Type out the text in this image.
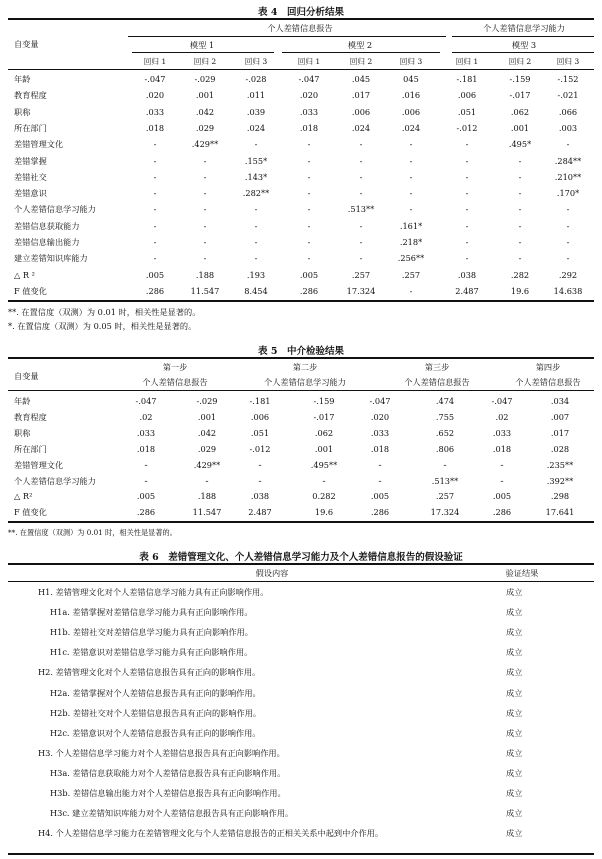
表 4　回归分析结果
自变量
个人差错信息报告	个人差错信息学习能力
模型 1	模型 2	模型 3
回归 1	回归 2	回归 3	回归 1	回归 2	回归 3	回归 1	回归 2	回归 3
年龄	-.047	-.029	-.028	-.047	.045	045	-.181	-.159	-.152
教育程度	.020	.001	.011	.020	.017	.016	.006	-.017	-.021
职称	.033	.042	.039	.033	.006	.006	.051	.062	.066
所在部门	.018	.029	.024	.018	.024	.024	-.012	.001	.003
差错管理文化	-	.429**	-	-	-	-	-	.495*	-
差错掌握	-	-	.155*	-	-	-	-	-	.284**
差错社交	-	-	.143*	-	-	-	-	-	.210**
差错意识	-	-	.282**	-	-	-	-	-	.170*
个人差错信息学习能力	-	-	-	-	.513**	-	-	-	-
差错信息获取能力	-	-	-	-	-	.161*	-	-	-
差错信息输出能力	-	-	-	-	-	.218*	-	-	-
建立差错知识库能力	-	-	-	-	-	.256**	-	-	-
△ R ²	.005	.188	.193	.005	.257	.257	.038	.282	.292
F 值变化	.286	11.547	8.454	.286	17.324	-	2.487	19.6	14.638
**. 在置信度（双测）为 0.01 时，相关性是显著的。
*. 在置信度（双测）为 0.05 时，相关性是显著的。
表 5　中介检验结果
自变量
第一步	第二步	第三步	第四步
个人差错信息报告	个人差错信息学习能力	个人差错信息报告	个人差错信息报告
年龄	-.047	-.029	-.181	-.159	-.047	.474	-.047	.034
教育程度	.02	.001	.006	-.017	.020	.755	.02	.007
职称	.033	.042	.051	.062	.033	.652	.033	.017
所在部门	.018	.029	-.012	.001	.018	.806	.018	.028
差错管理文化	-	.429**	-	.495**	-	-	-	.235**
个人差错信息学习能力	-	-	-	-	-	.513**	-	.392**
△ R²	.005	.188	.038	0.282	.005	.257	.005	.298
F 值变化	.286	11.547	2.487	19.6	.286	17.324	.286	17.641
**. 在置信度（双测）为 0.01 时，相关性是显著的。
表 6　差错管理文化、个人差错信息学习能力及个人差错信息报告的假设验证
假设内容	验证结果
H1. 差错管理文化对个人差错信息学习能力具有正向影响作用。	成立
H1a. 差错掌握对差错信息学习能力具有正向影响作用。	成立
H1b. 差错社交对差错信息学习能力具有正向影响作用。	成立
H1c. 差错意识对差错信息学习能力具有正向影响作用。	成立
H2. 差错管理文化对个人差错信息报告具有正向的影响作用。	成立
H2a. 差错掌握对个人差错信息报告具有正向的影响作用。	成立
H2b. 差错社交对个人差错信息报告具有正向的影响作用。	成立
H2c. 差错意识对个人差错信息报告具有正向的影响作用。	成立
H3. 个人差错信息学习能力对个人差错信息报告具有正向影响作用。	成立
H3a. 差错信息获取能力对个人差错信息报告具有正向影响作用。	成立
H3b. 差错信息输出能力对个人差错信息报告具有正向影响作用。	成立
H3c. 建立差错知识库能力对个人差错信息报告具有正向影响作用。	成立
H4. 个人差错信息学习能力在差错管理文化与个人差错信息报告的正相关关系中起到中介作用。	成立
